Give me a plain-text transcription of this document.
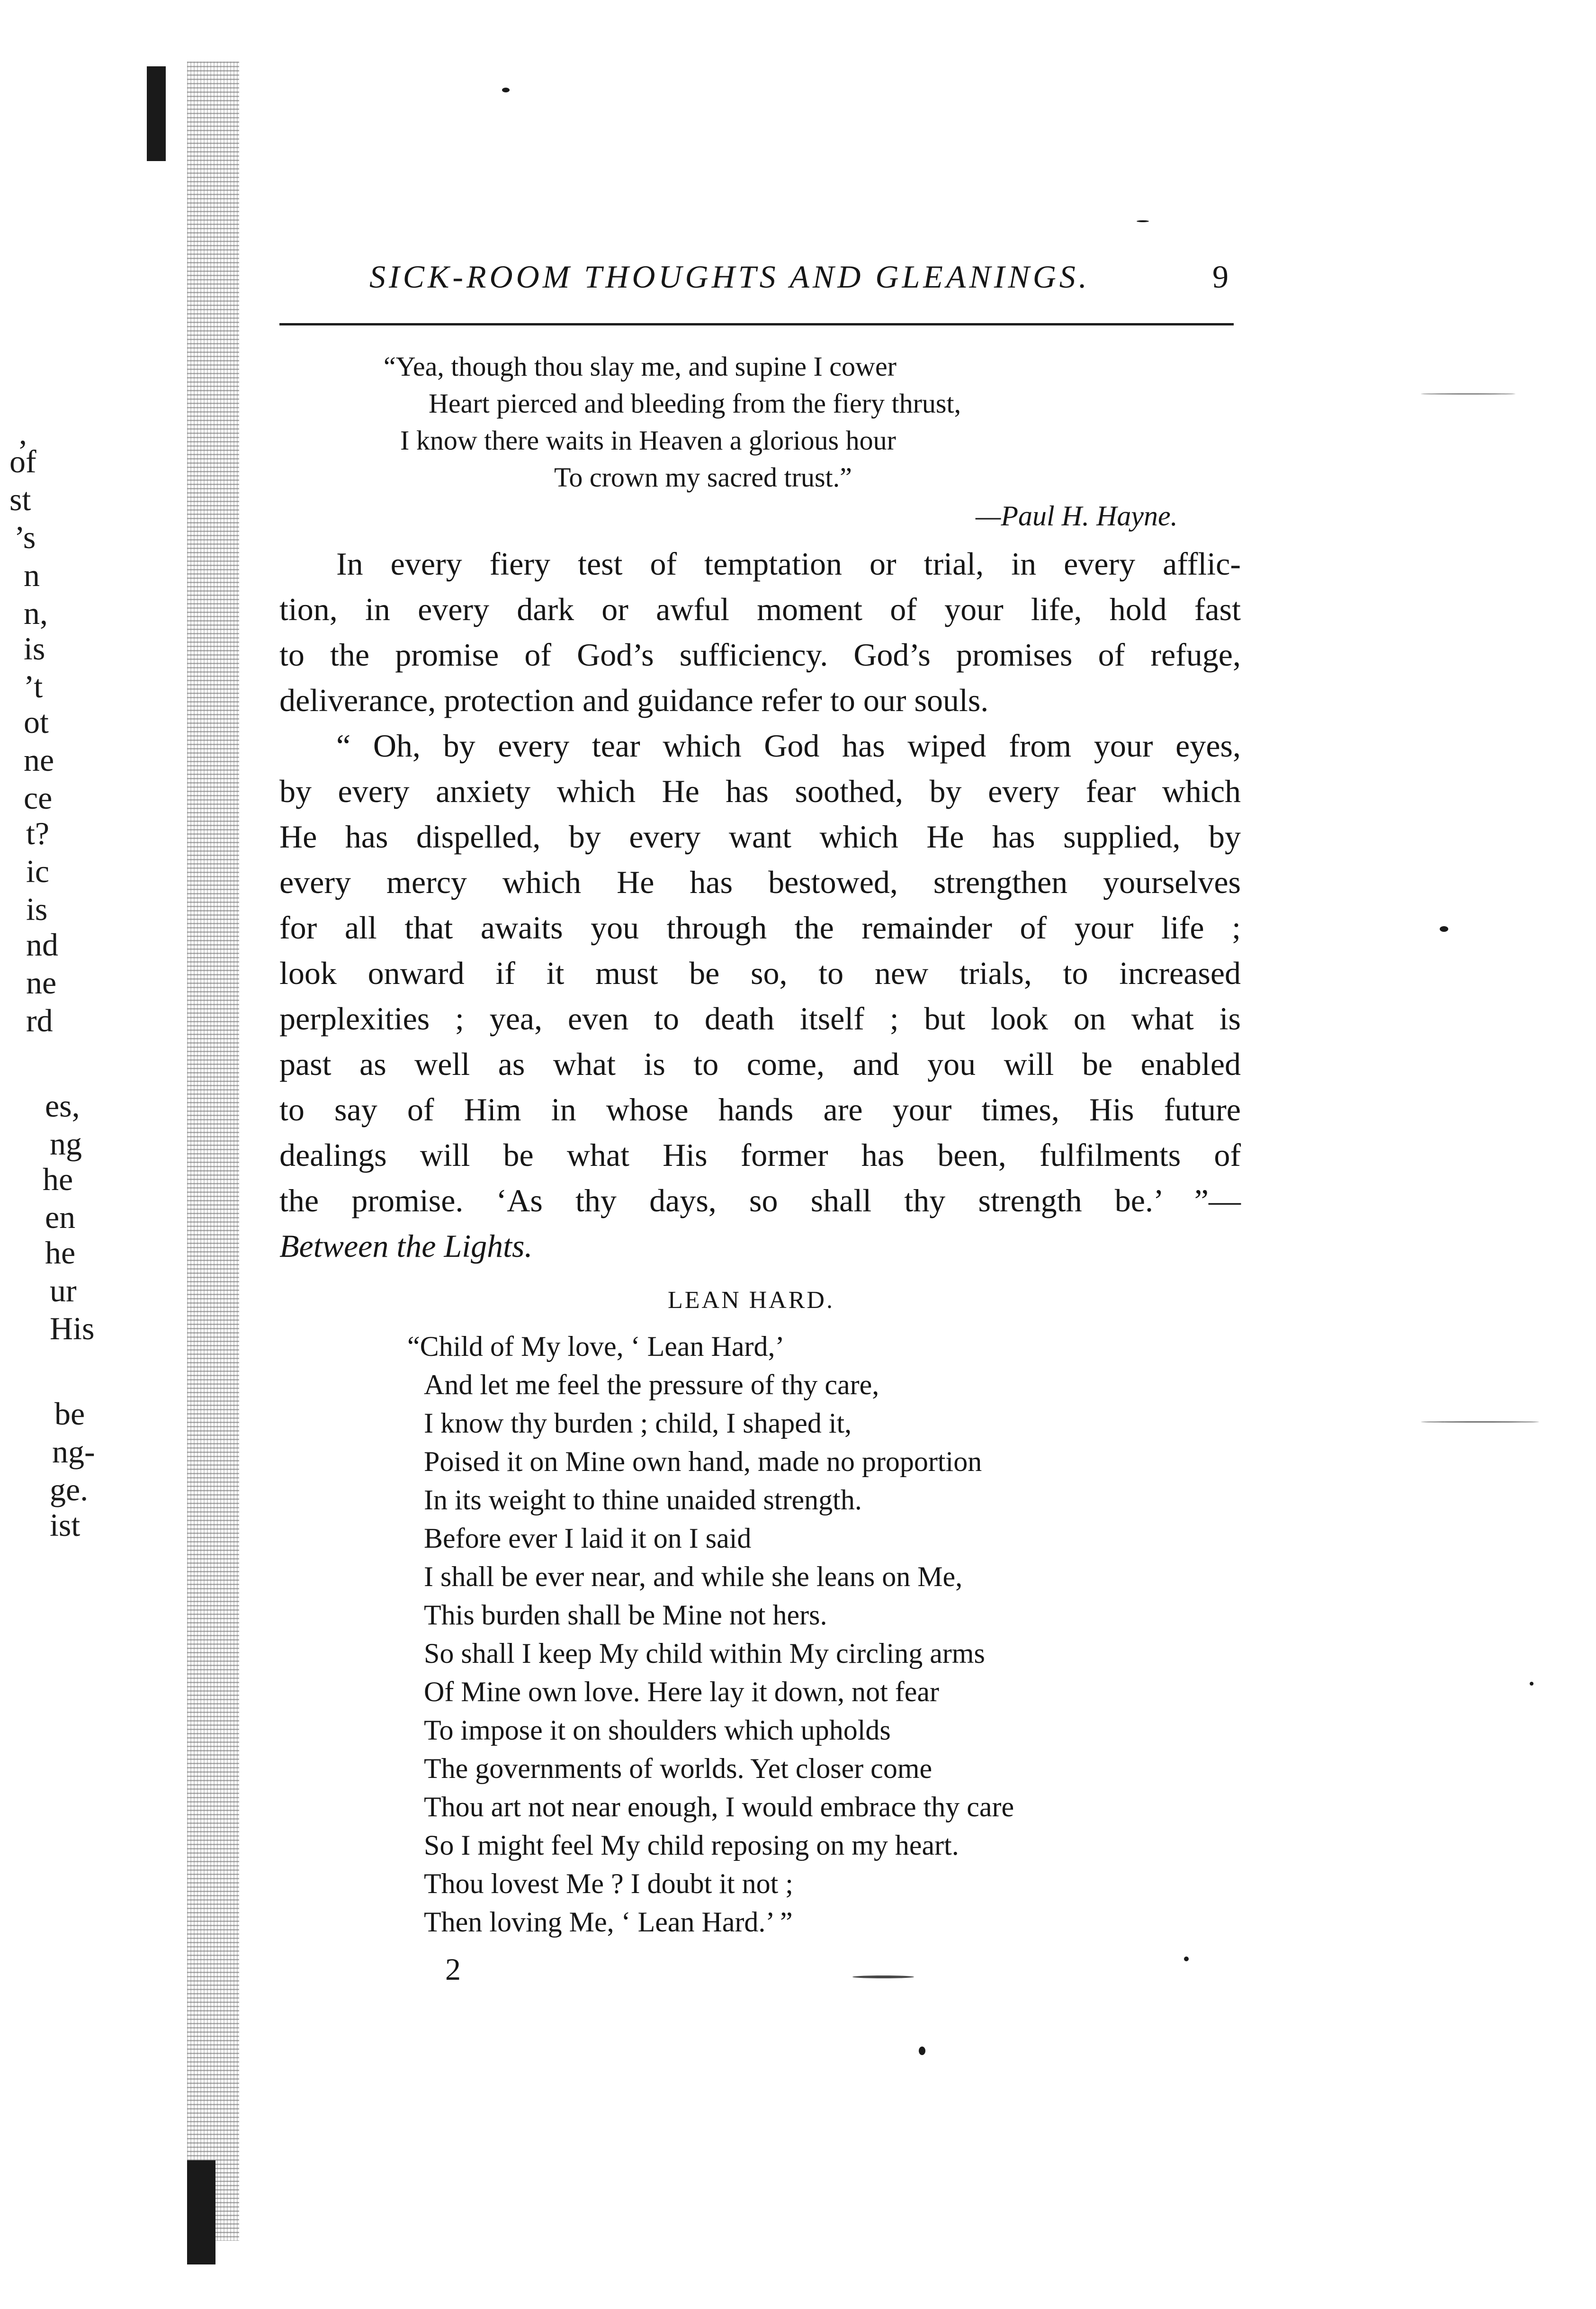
,
of
st
’s
n
n,
is
’t
ot
ne
ce
t?
ic
is
nd
ne
rd
es,
ng
he
en
he
ur
His
be
ng-
ge.
ist
SICK-ROOM THOUGHTS AND GLEANINGS.	9
“Yea, though thou slay me, and supine I cower
Heart pierced and bleeding from the fiery thrust,
I know there waits in Heaven a glorious hour
To crown my sacred trust.”
—Paul H. Hayne.
In every fiery test of temptation or trial, in every afflic-
tion, in every dark or awful moment of your life, hold fast
to the promise of God’s sufficiency. God’s promises of refuge,
deliverance, protection and guidance refer to our souls.
“ Oh, by every tear which God has wiped from your eyes,
by every anxiety which He has soothed, by every fear which
He has dispelled, by every want which He has supplied, by
every mercy which He has bestowed, strengthen yourselves
for all that awaits you through the remainder of your life ;
look onward if it must be so, to new trials, to increased
perplexities ; yea, even to death itself ; but look on what is
past as well as what is to come, and you will be enabled
to say of Him in whose hands are your times, His future
dealings will be what His former has been, fulfilments of
the promise. ‘As thy days, so shall thy strength be.’ ”—
Between the Lights.
LEAN HARD.
“Child of My love, ‘ Lean Hard,’
And let me feel the pressure of thy care,
I know thy burden ; child, I shaped it,
Poised it on Mine own hand, made no proportion
In its weight to thine unaided strength.
Before ever I laid it on I said
I shall be ever near, and while she leans on Me,
This burden shall be Mine not hers.
So shall I keep My child within My circling arms
Of Mine own love. Here lay it down, not fear
To impose it on shoulders which upholds
The governments of worlds. Yet closer come
Thou art not near enough, I would embrace thy care
So I might feel My child reposing on my heart.
Thou lovest Me ? I doubt it not ;
Then loving Me, ‘ Lean Hard.’ ”
2
